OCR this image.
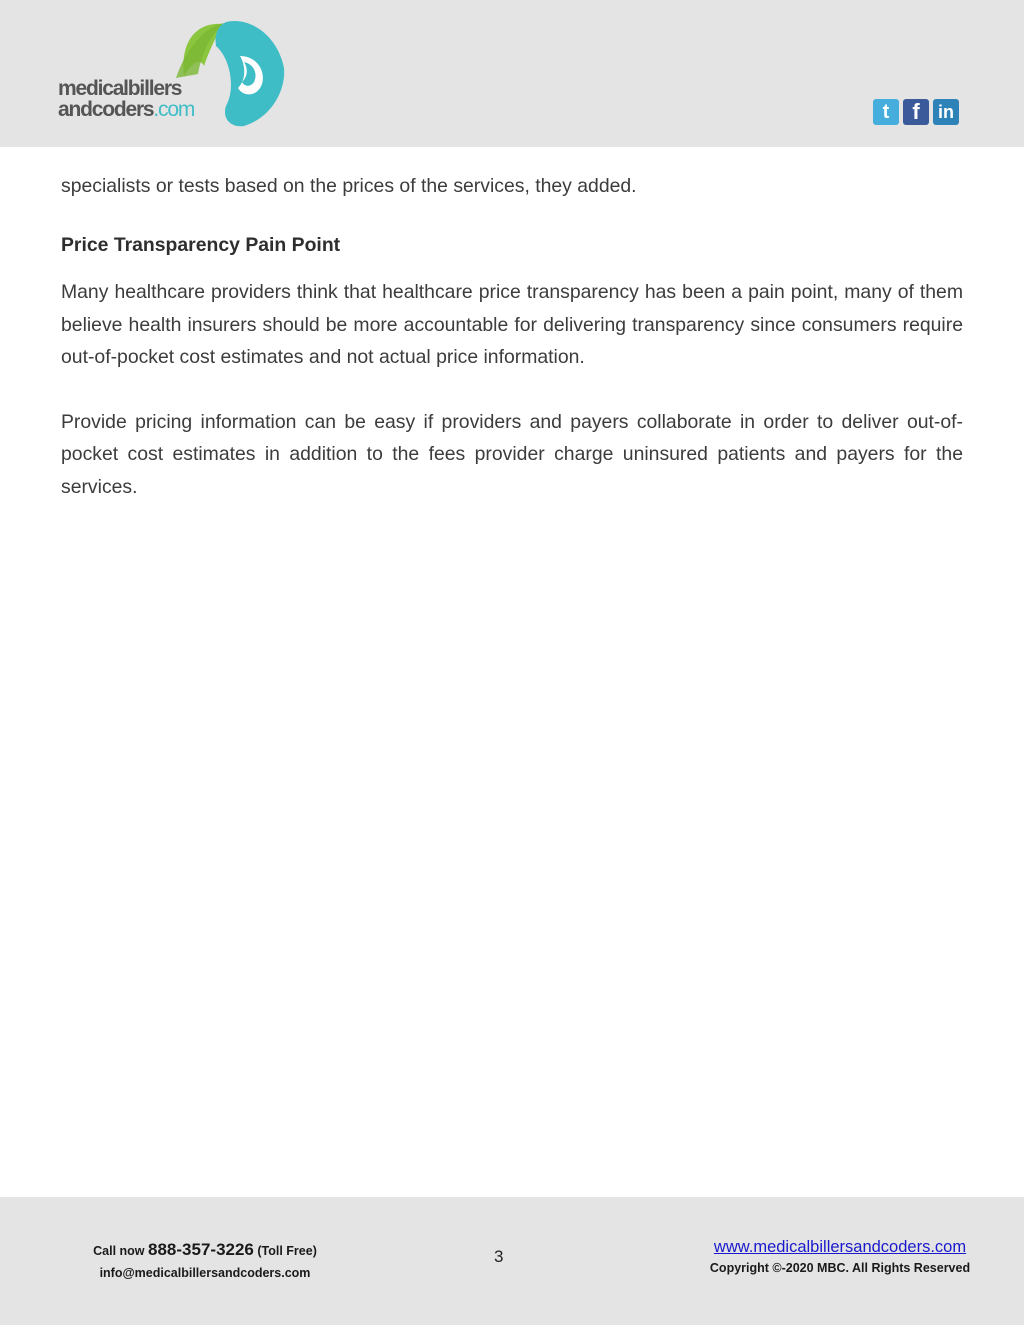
medicalbillers
andcoders.com	t	f	in

specialists or tests based on the prices of the services, they added.

Price Transparency Pain Point

Many healthcare providers think that healthcare price transparency has been a pain point, many of them believe health insurers should be more accountable for delivering transparency since consumers require out-of-pocket cost estimates and not actual price information.

Provide pricing information can be easy if providers and payers collaborate in order to deliver out-of-pocket cost estimates in addition to the fees provider charge uninsured patients and payers for the services.

Call now 888-357-3226 (Toll Free)
info@medicalbillersandcoders.com
3	www.medicalbillersandcoders.com
Copyright ©-2020 MBC. All Rights Reserved
